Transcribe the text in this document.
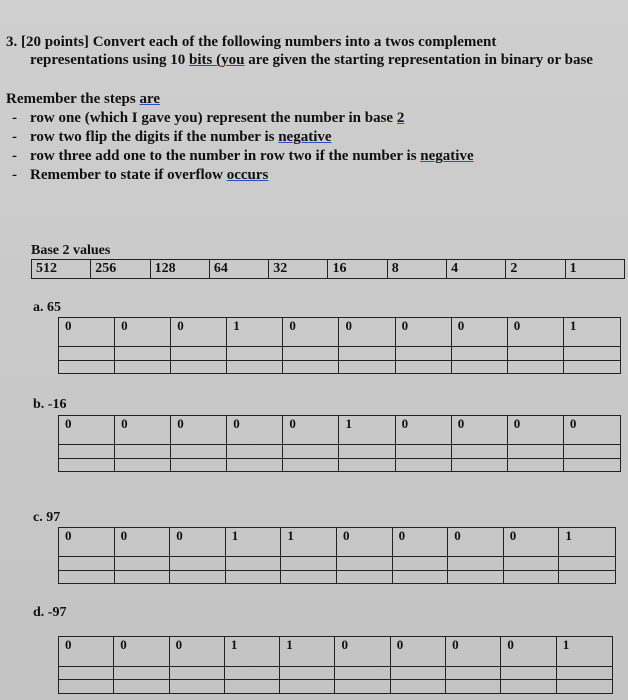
3. [20 points] Convert each of the following numbers into a twos complement
representations using 10 bits (you are given the starting representation in binary or base
Remember the steps are
- row one (which I gave you) represent the number in base 2
- row two flip the digits if the number is negative
- row three add one to the number in row two if the number is negative
- Remember to state if overflow occurs
Base 2 values
512	256	128	64	32	16	8	4	2	1
a. 65
0	0	0	1	0	0	0	0	0	1
b. -16
0	0	0	0	0	1	0	0	0	0
c. 97
0	0	0	1	1	0	0	0	0	1
d. -97
0	0	0	1	1	0	0	0	0	1
